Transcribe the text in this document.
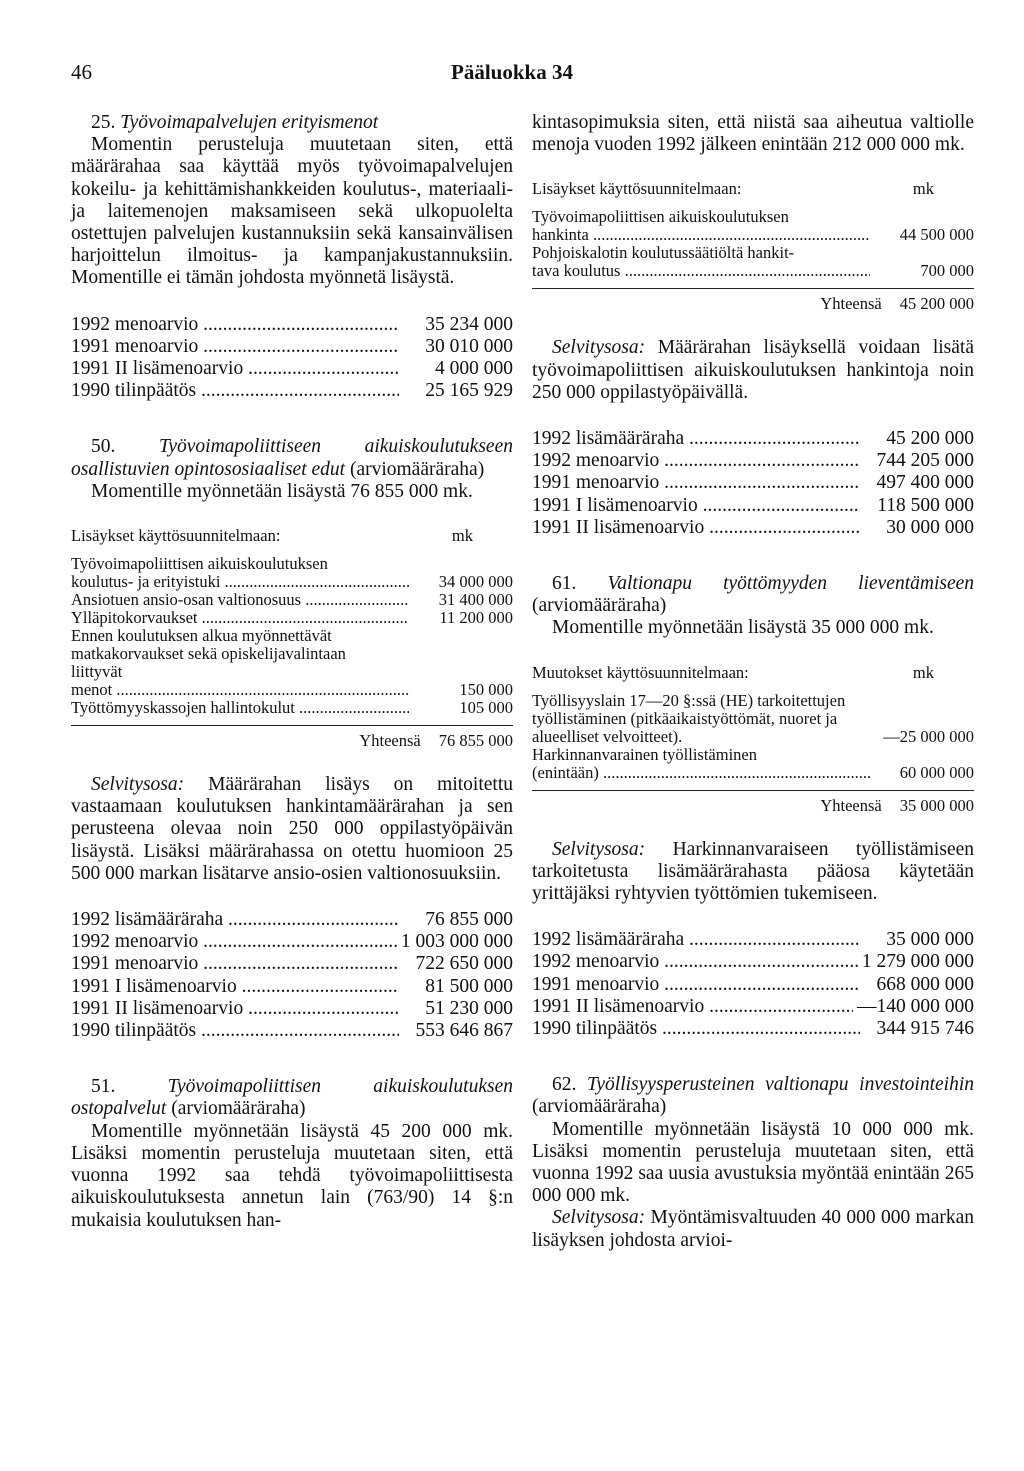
46	Pääluokka 34

25. Työvoimapalvelujen erityismenot

Momentin perusteluja muutetaan siten, että määrärahaa saa käyttää myös työvoimapalvelujen kokeilu- ja kehittämishankkeiden koulutus-, materiaali- ja laitemenojen maksamiseen sekä ulkopuolelta ostettujen palvelujen kustannuksiin sekä kansainvälisen harjoittelun ilmoitus- ja kampanjakustannuksiin. Momentille ei tämän johdosta myönnetä lisäystä.

1992 menoarvio .....	35 234 000
1991 menoarvio .....	30 010 000
1991 II lisämenoarvio .....	4 000 000
1990 tilinpäätös .....	25 165 929

50. Työvoimapoliittiseen aikuiskoulutukseen osallistuvien opintososiaaliset edut (arviomääräraha)

Momentille myönnetään lisäystä 76 855 000 mk.

Lisäykset käyttösuunnitelmaan:	mk
Työvoimapoliittisen aikuiskoulutuksen
koulutus- ja erityistuki .....	34 000 000
Ansiotuen ansio-osan valtionosuus .....	31 400 000
Ylläpitokorvaukset .....	11 200 000
Ennen koulutuksen alkua myönnettävät matkakorvaukset sekä opiskelijavalintaan liittyvät
menot .....	150 000
Työttömyyskassojen hallintokulut .....	105 000
Yhteensä 76 855 000

Selvitysosa: Määrärahan lisäys on mitoitettu vastaamaan koulutuksen hankintamäärärahan ja sen perusteena olevaa noin 250 000 oppilastyöpäivän lisäystä. Lisäksi määrärahassa on otettu huomioon 25 500 000 markan lisätarve ansio-osien valtionosuuksiin.

1992 lisämääräraha .....	76 855 000
1992 menoarvio .....	1 003 000 000
1991 menoarvio .....	722 650 000
1991 I lisämenoarvio .....	81 500 000
1991 II lisämenoarvio .....	51 230 000
1990 tilinpäätös .....	553 646 867

51.	Työvoimapoliittisen aikuiskoulutuksen ostopalvelut (arviomääräraha)

Momentille myönnetään lisäystä 45 200 000 mk. Lisäksi momentin perusteluja muutetaan siten, että vuonna 1992 saa tehdä työvoimapoliittisesta aikuiskoulutuksesta annetun lain (763/90) 14 §:n mukaisia koulutuksen han-

kintasopimuksia siten, että niistä saa aiheutua valtiolle menoja vuoden 1992 jälkeen enintään 212 000 000 mk.

Lisäykset käyttösuunnitelmaan:	mk
Työvoimapoliittisen aikuiskoulutuksen
hankinta .....	44 500 000
Pohjoiskalotin koulutussäätiöltä hankit-
tava koulutus .....	700 000
Yhteensä 45 200 000

Selvitysosa: Määrärahan lisäyksellä voidaan lisätä työvoimapoliittisen aikuiskoulutuksen hankintoja noin 250 000 oppilastyöpäivällä.

1992 lisämääräraha .....	45 200 000
1992 menoarvio .....	744 205 000
1991 menoarvio .....	497 400 000
1991 I lisämenoarvio .....	118 500 000
1991 II lisämenoarvio .....	30 000 000

61. Valtionapu työttömyyden lieventämiseen (arviomääräraha)

Momentille myönnetään lisäystä 35 000 000 mk.

Muutokset käyttösuunnitelmaan:	mk
Työllisyyslain 17—20 §:ssä (HE) tarkoitettujen työllistäminen (pitkäaikaistyöttömät, nuoret ja alueelliset velvoitteet).	—25 000 000
Harkinnanvarainen työllistäminen
(enintään) .....	60 000 000
Yhteensä 35 000 000

Selvitysosa: Harkinnanvaraiseen työllistämiseen tarkoitetusta lisämäärärahasta pääosa käytetään yrittäjäksi ryhtyvien työttömien tukemiseen.

1992 lisämääräraha .....	35 000 000
1992 menoarvio .....	1 279 000 000
1991 menoarvio .....	668 000 000
1991 II lisämenoarvio .....	—140 000 000
1990 tilinpäätös .....	344 915 746

62. Työllisyysperusteinen valtionapu investointeihin (arviomääräraha)

Momentille myönnetään lisäystä 10 000 000 mk. Lisäksi momentin perusteluja muutetaan siten, että vuonna 1992 saa uusia avustuksia myöntää enintään 265 000 000 mk.

Selvitysosa: Myöntämisvaltuuden 40 000 000 markan lisäyksen johdosta arvioi-
